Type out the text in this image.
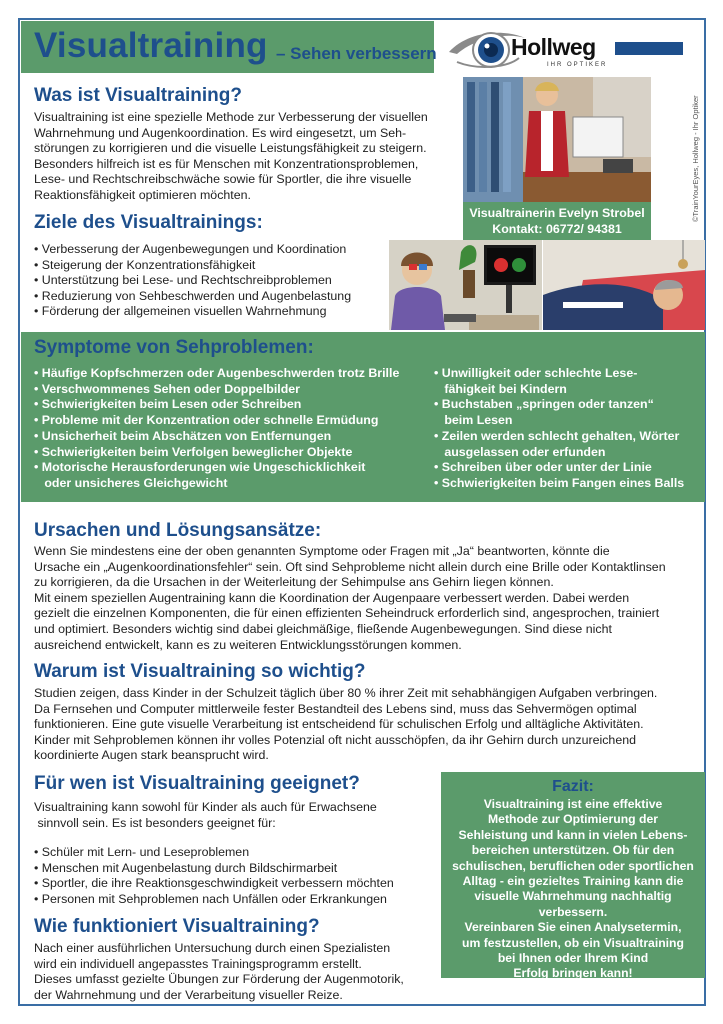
Visualtraining – Sehen verbessern	Hollweg
IHR OPTIKER
Was ist Visualtraining?
Visualtraining ist eine spezielle Methode zur Verbesserung der visuellen
Wahrnehmung und Augenkoordination. Es wird eingesetzt, um Seh-
störungen zu korrigieren und die visuelle Leistungsfähigkeit zu steigern.
Besonders hilfreich ist es für Menschen mit Konzentrationsproblemen,
Lese- und Rechtschreibschwäche sowie für Sportler, die ihre visuelle
Reaktionsfähigkeit optimieren möchten.
Visualtrainerin Evelyn Strobel
Kontakt: 06772/ 94381
©TrainYourEyes, Hollweg - Ihr Optiker
Ziele des Visualtrainings:
• Verbesserung der Augenbewegungen und Koordination
• Steigerung der Konzentrationsfähigkeit
• Unterstützung bei Lese- und Rechtschreibproblemen
• Reduzierung von Sehbeschwerden und Augenbelastung
• Förderung der allgemeinen visuellen Wahrnehmung
Symptome von Sehproblemen:
• Häufige Kopfschmerzen oder Augenbeschwerden trotz Brille
• Verschwommenes Sehen oder Doppelbilder
• Schwierigkeiten beim Lesen oder Schreiben
• Probleme mit der Konzentration oder schnelle Ermüdung
• Unsicherheit beim Abschätzen von Entfernungen
• Schwierigkeiten beim Verfolgen beweglicher Objekte
• Motorische Herausforderungen wie Ungeschicklichkeit
oder unsicheres Gleichgewicht
• Unwilligkeit oder schlechte Lese-
fähigkeit bei Kindern
• Buchstaben „springen oder tanzen“
beim Lesen
• Zeilen werden schlecht gehalten, Wörter
ausgelassen oder erfunden
• Schreiben über oder unter der Linie
• Schwierigkeiten beim Fangen eines Balls
Ursachen und Lösungsansätze:
Wenn Sie mindestens eine der oben genannten Symptome oder Fragen mit „Ja“ beantworten, könnte die
Ursache ein „Augenkoordinationsfehler“ sein. Oft sind Sehprobleme nicht allein durch eine Brille oder Kontaktlinsen
zu korrigieren, da die Ursachen in der Weiterleitung der Sehimpulse ans Gehirn liegen können.
Mit einem speziellen Augentraining kann die Koordination der Augenpaare verbessert werden. Dabei werden
gezielt die einzelnen Komponenten, die für einen effizienten Seheindruck erforderlich sind, angesprochen, trainiert
und optimiert. Besonders wichtig sind dabei gleichmäßige, fließende Augenbewegungen. Sind diese nicht
ausreichend entwickelt, kann es zu weiteren Entwicklungsstörungen kommen.
Warum ist Visualtraining so wichtig?
Studien zeigen, dass Kinder in der Schulzeit täglich über 80 % ihrer Zeit mit sehabhängigen Aufgaben verbringen.
Da Fernsehen und Computer mittlerweile fester Bestandteil des Lebens sind, muss das Sehvermögen optimal
funktionieren. Eine gute visuelle Verarbeitung ist entscheidend für schulischen Erfolg und alltägliche Aktivitäten.
Kinder mit Sehproblemen können ihr volles Potenzial oft nicht ausschöpfen, da ihr Gehirn durch unzureichend
koordinierte Augen stark beansprucht wird.
Für wen ist Visualtraining geeignet?
Visualtraining kann sowohl für Kinder als auch für Erwachsene
sinnvoll sein. Es ist besonders geeignet für:
• Schüler mit Lern- und Leseproblemen
• Menschen mit Augenbelastung durch Bildschirmarbeit
• Sportler, die ihre Reaktionsgeschwindigkeit verbessern möchten
• Personen mit Sehproblemen nach Unfällen oder Erkrankungen
Wie funktioniert Visualtraining?
Nach einer ausführlichen Untersuchung durch einen Spezialisten
wird ein individuell angepasstes Trainingsprogramm erstellt.
Dieses umfasst gezielte Übungen zur Förderung der Augenmotorik,
der Wahrnehmung und der Verarbeitung visueller Reize.
Fazit:
Visualtraining ist eine effektive
Methode zur Optimierung der
Sehleistung und kann in vielen Lebens-
bereichen unterstützen. Ob für den
schulischen, beruflichen oder sportlichen
Alltag - ein gezieltes Training kann die
visuelle Wahrnehmung nachhaltig
verbessern.
Vereinbaren Sie einen Analysetermin,
um festzustellen, ob ein Visualtraining
bei Ihnen oder Ihrem Kind
Erfolg bringen kann!
